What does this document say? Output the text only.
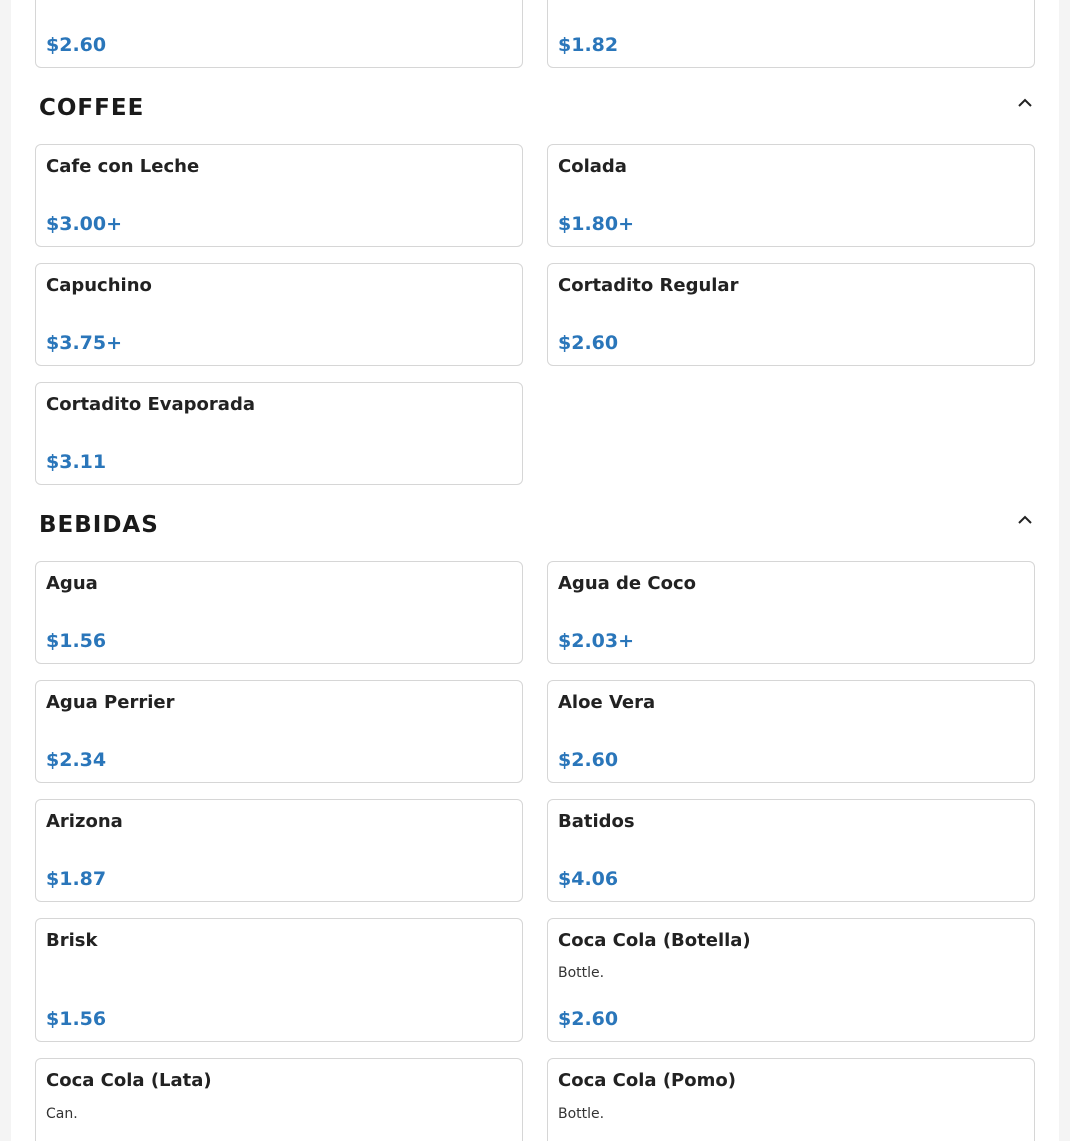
$2.60	$1.82
COFFEE
Cafe con Leche
$3.00+
Colada
$1.80+
Capuchino
$3.75+
Cortadito Regular
$2.60
Cortadito Evaporada
$3.11
BEBIDAS
Agua
$1.56
Agua de Coco
$2.03+
Agua Perrier
$2.34
Aloe Vera
$2.60
Arizona
$1.87
Batidos
$4.06
Brisk
$1.56
Coca Cola (Botella)
Bottle.
$2.60
Coca Cola (Lata)
Can.
Coca Cola (Pomo)
Bottle.
